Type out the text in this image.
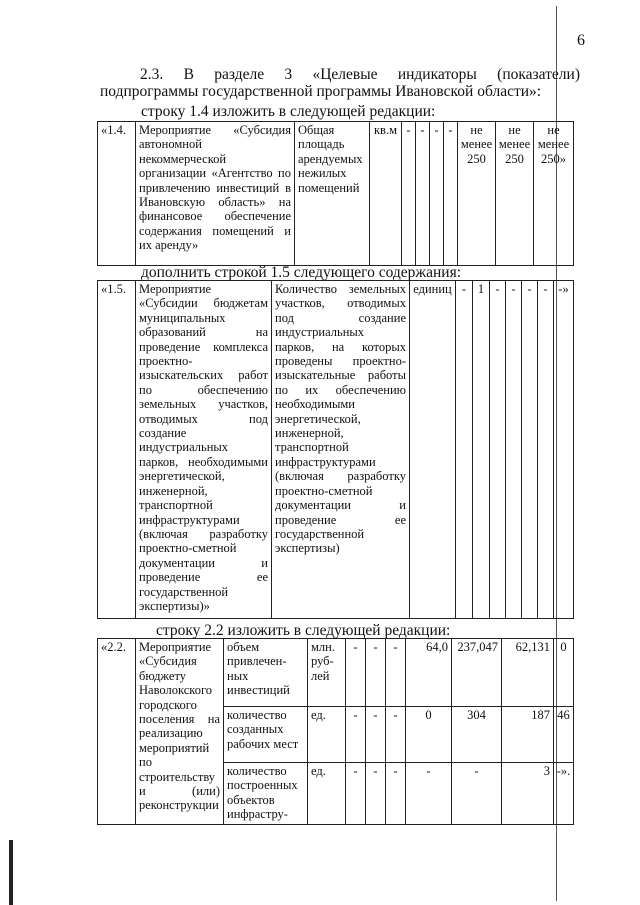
6
2.3. В разделе 3 «Целевые индикаторы (показатели) подпрограммы государственной программы Ивановской области»:
строку 1.4 изложить в следующей редакции:
«1.4.	Мероприятие «Субсидия автономной некоммерческой организации «Агентство по привлечению инвестиций в Ивановскую область» на финансовое обеспечение содержания помещений и их аренду»	Общая площадь арендуемых нежилых помещений	кв.м	-	-	-	-	не менее 250	не менее 250	не менее 250»
дополнить строкой 1.5 следующего содержания:
«1.5.	Мероприятие «Субсидии бюджетам муниципальных образований на проведение комплекса проектно-изыскательских работ по обеспечению земельных участков, отводимых под создание индустриальных парков, необходимыми энергетической, инженерной, транспортной инфраструктурами (включая разработку проектно-сметной документации и проведение ее государственной экспертизы)»	Количество земельных участков, отводимых под создание индустриальных парков, на которых проведены проектно-изыскательные работы по их обеспечению необходимыми энергетической, инженерной, транспортной инфраструктурами (включая разработку проектно-сметной документации и проведение ее государственной экспертизы)	единиц	-	1	-	-	-	-	-»
строку 2.2 изложить в следующей редакции:
«2.2.	Мероприятие «Субсидия бюджету Наволокского городского поселения на реализацию мероприятий по строительству и (или) реконструкции	объем привлечен-ных инвестиций	млн. руб-лей	-	-	-	64,0	237,047	62,131	0
		количество созданных рабочих мест	ед.	-	-	-	0	304	187	46
		количество построенных объектов инфрастру-	ед.	-	-	-	-	-	3	-».
